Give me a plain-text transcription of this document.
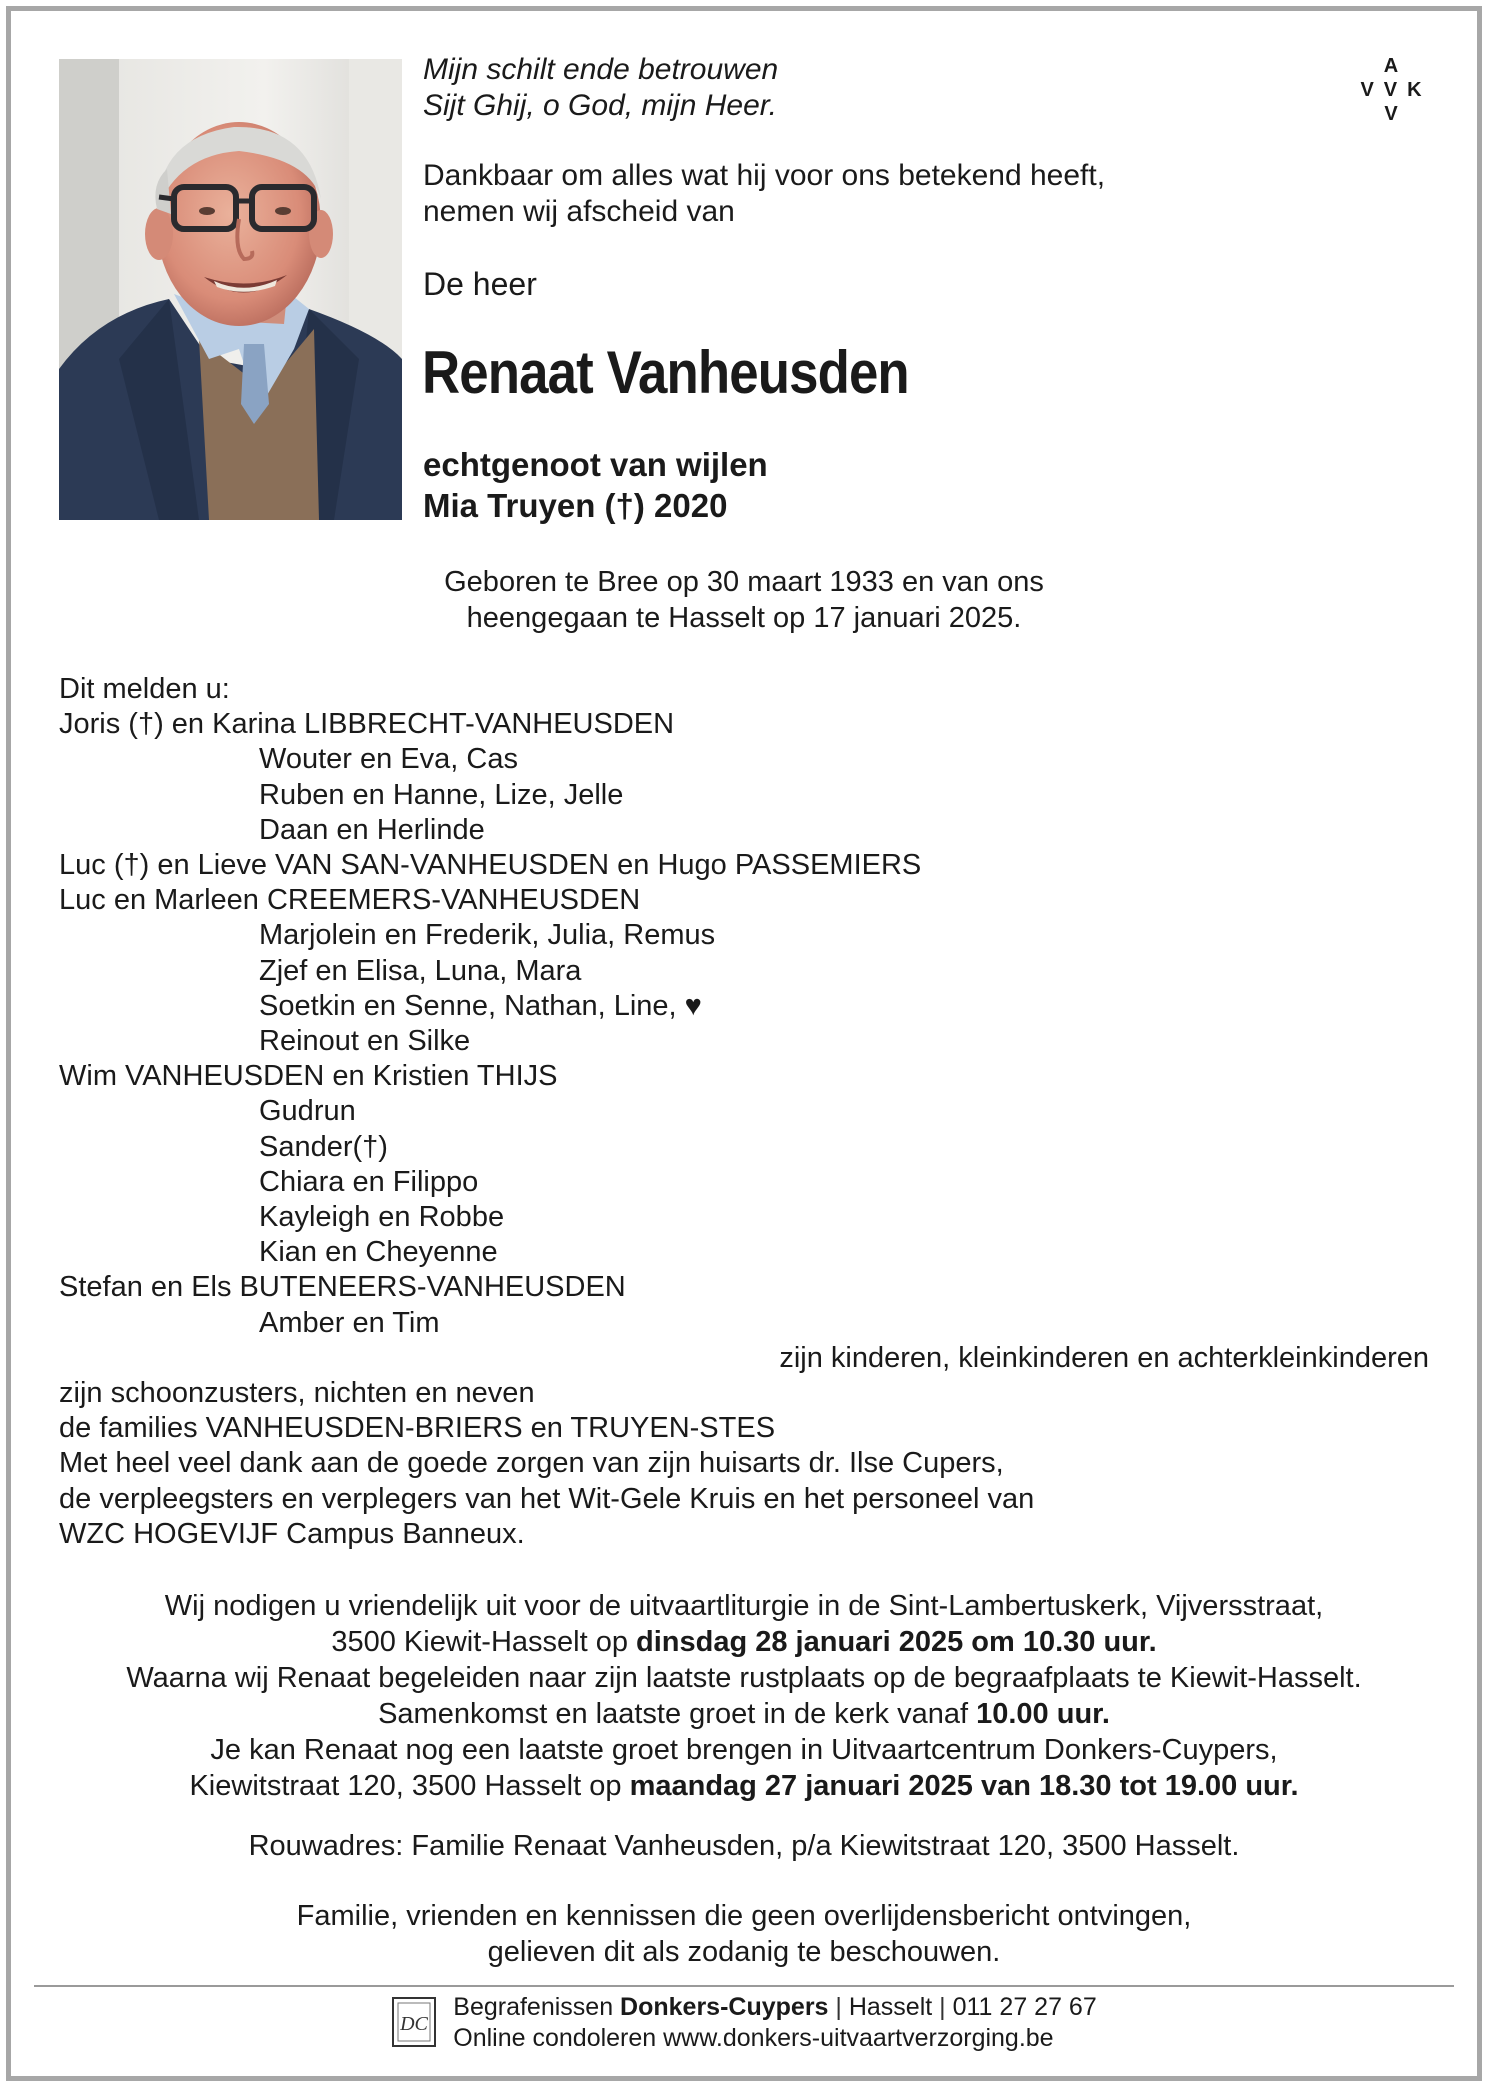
Mijn schilt ende betrouwen
Sijt Ghij, o God, mijn Heer.
A
VVK
V
Dankbaar om alles wat hij voor ons betekend heeft,
nemen wij afscheid van
De heer
Renaat Vanheusden
echtgenoot van wijlen
Mia Truyen (†) 2020
Geboren te Bree op 30 maart 1933 en van ons
heengegaan te Hasselt op 17 januari 2025.
Dit melden u:
Joris (†) en Karina LIBBRECHT-VANHEUSDEN
Wouter en Eva, Cas
Ruben en Hanne, Lize, Jelle
Daan en Herlinde
Luc (†) en Lieve VAN SAN-VANHEUSDEN en Hugo PASSEMIERS
Luc en Marleen CREEMERS-VANHEUSDEN
Marjolein en Frederik, Julia, Remus
Zjef en Elisa, Luna, Mara
Soetkin en Senne, Nathan, Line, ♥
Reinout en Silke
Wim VANHEUSDEN en Kristien THIJS
Gudrun
Sander(†)
Chiara en Filippo
Kayleigh en Robbe
Kian en Cheyenne
Stefan en Els BUTENEERS-VANHEUSDEN
Amber en Tim
zijn kinderen, kleinkinderen en achterkleinkinderen
zijn schoonzusters, nichten en neven
de families VANHEUSDEN-BRIERS en TRUYEN-STES
Met heel veel dank aan de goede zorgen van zijn huisarts dr. Ilse Cupers,
de verpleegsters en verplegers van het Wit-Gele Kruis en het personeel van
WZC HOGEVIJF Campus Banneux.
Wij nodigen u vriendelijk uit voor de uitvaartliturgie in de Sint-Lambertuskerk, Vijversstraat,
3500 Kiewit-Hasselt op dinsdag 28 januari 2025 om 10.30 uur.
Waarna wij Renaat begeleiden naar zijn laatste rustplaats op de begraafplaats te Kiewit-Hasselt.
Samenkomst en laatste groet in de kerk vanaf 10.00 uur.
Je kan Renaat nog een laatste groet brengen in Uitvaartcentrum Donkers-Cuypers,
Kiewitstraat 120, 3500 Hasselt op maandag 27 januari 2025 van 18.30 tot 19.00 uur.
Rouwadres: Familie Renaat Vanheusden, p/a Kiewitstraat 120, 3500 Hasselt.
Familie, vrienden en kennissen die geen overlijdensbericht ontvingen,
gelieven dit als zodanig te beschouwen.
DC
Begrafenissen Donkers-Cuypers | Hasselt | 011 27 27 67
Online condoleren www.donkers-uitvaartverzorging.be
